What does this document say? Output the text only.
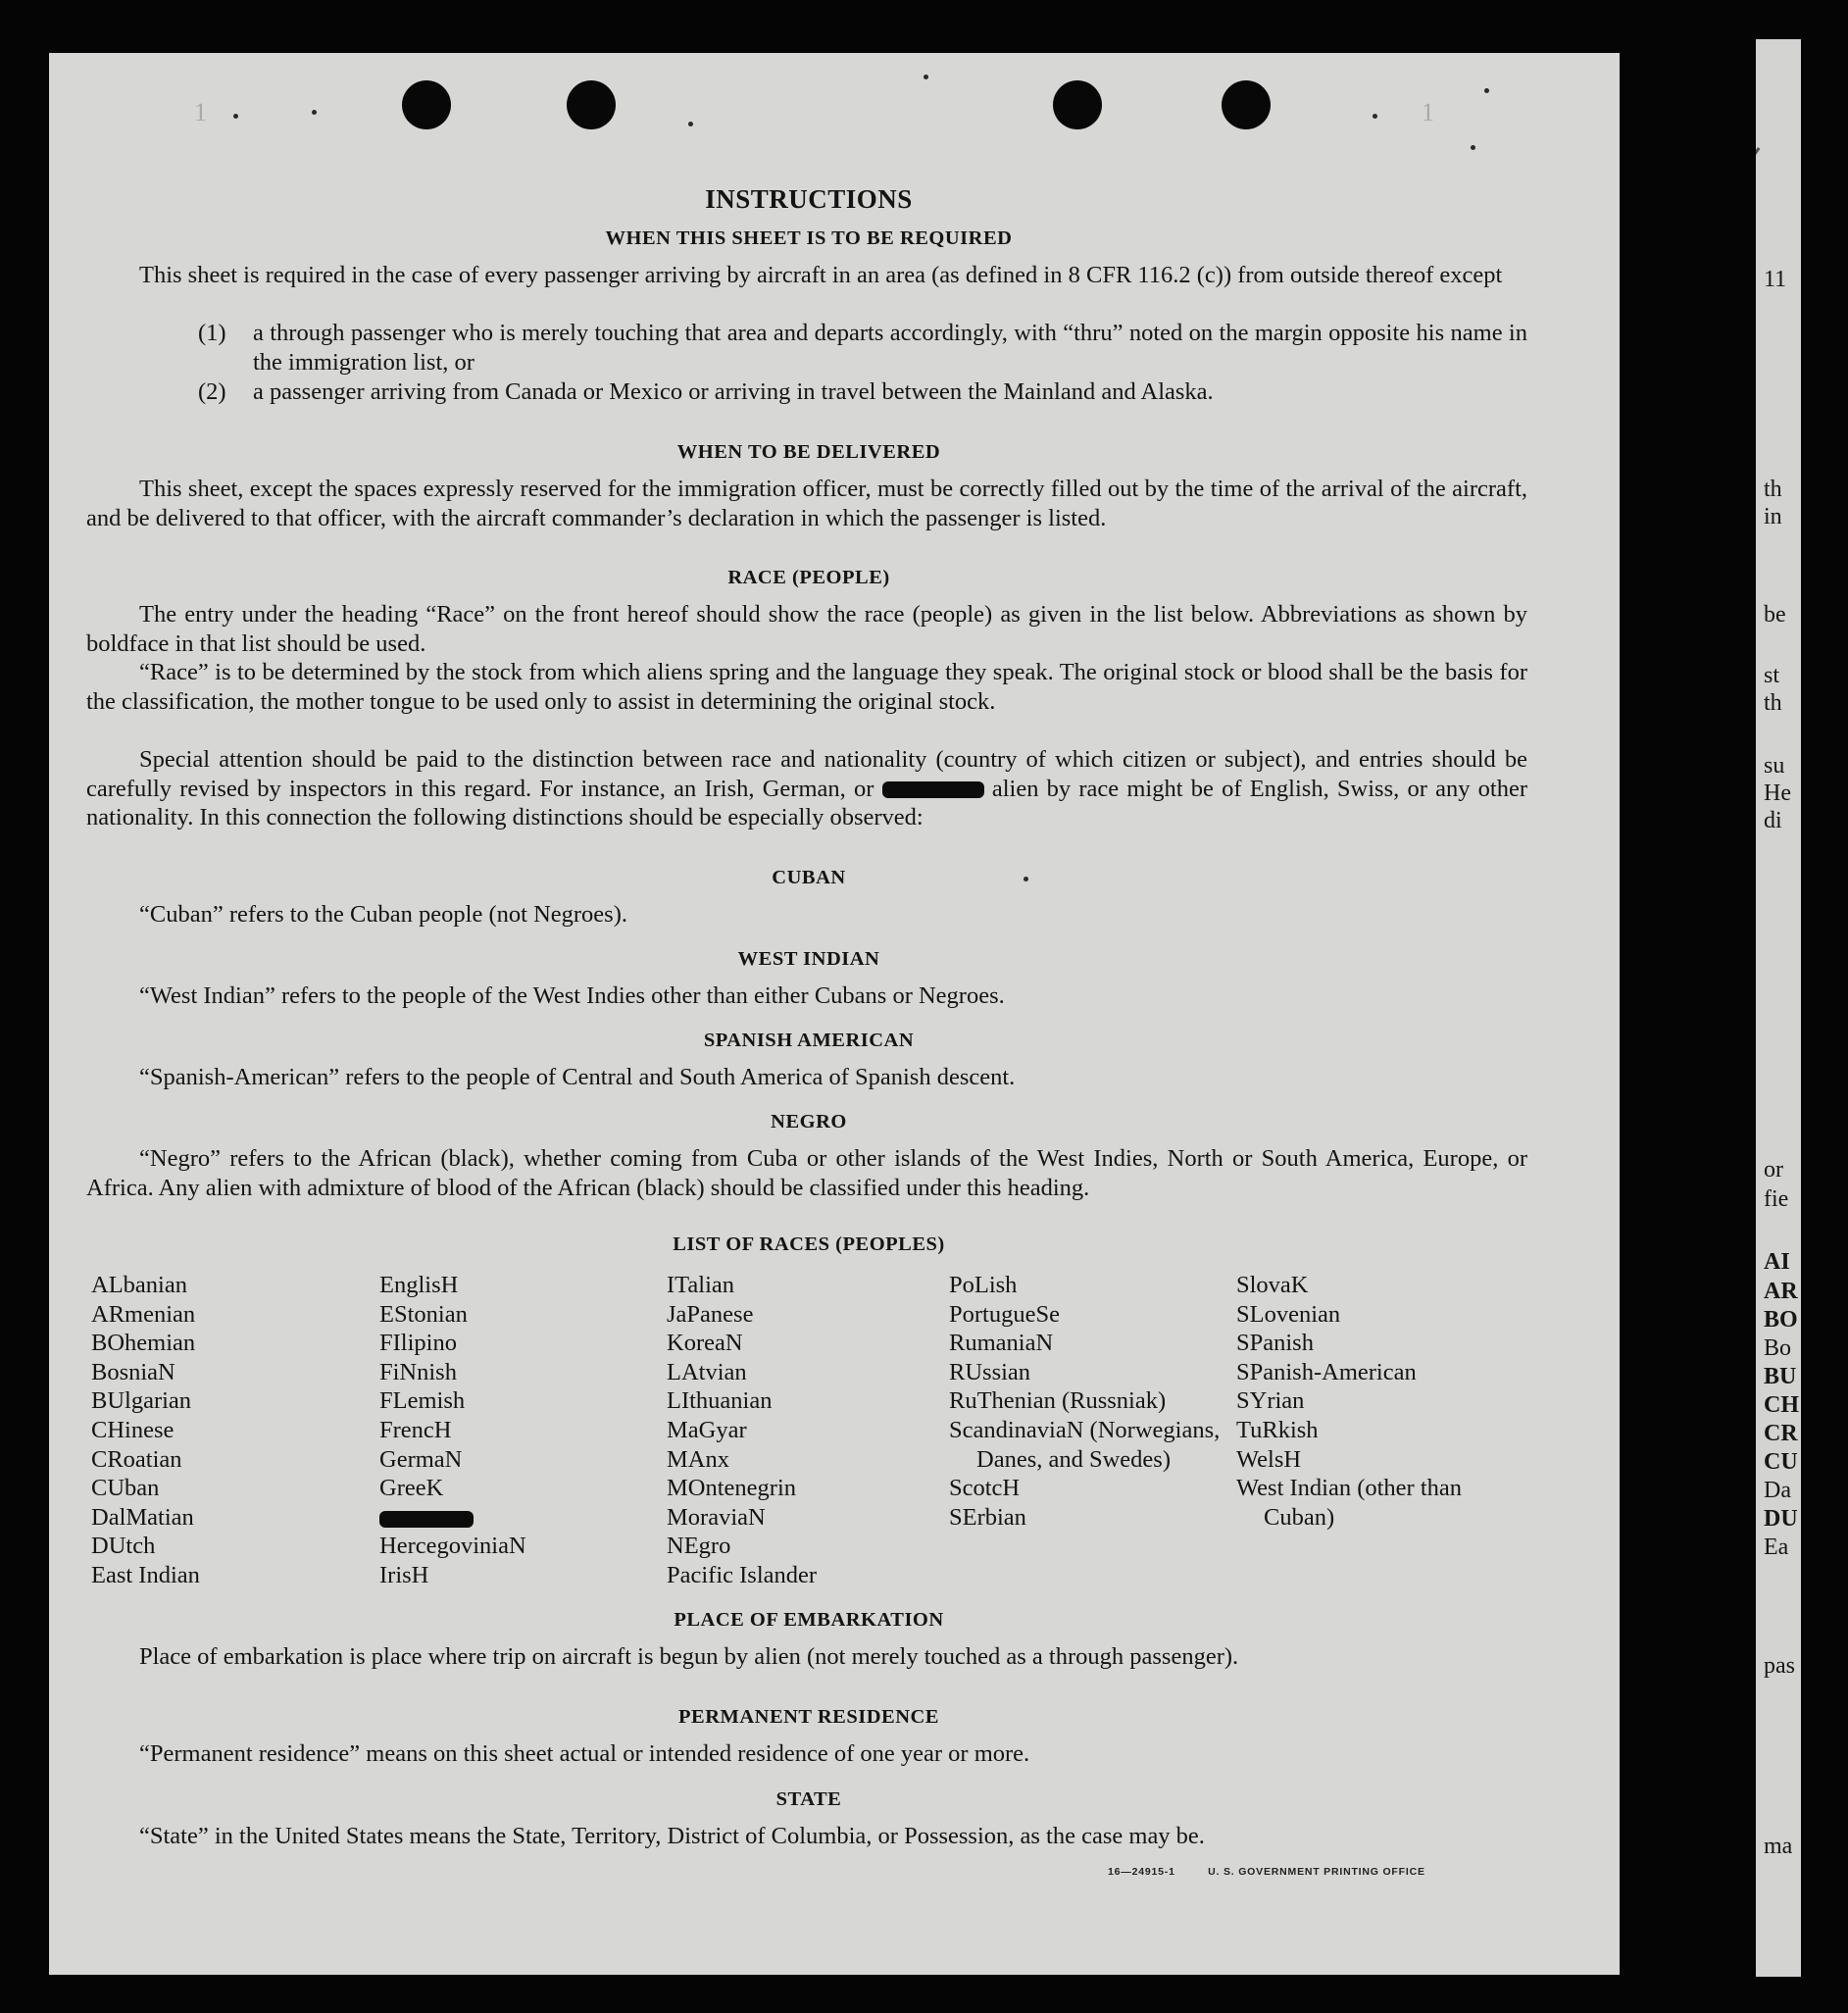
1	1
INSTRUCTIONS
WHEN THIS SHEET IS TO BE REQUIRED
This sheet is required in the case of every passenger arriving by aircraft in an area (as defined in 8 CFR 116.2 (c)) from outside thereof except
(1)	a through passenger who is merely touching that area and departs accordingly, with “thru” noted on the margin opposite his name in the immigration list, or
(2)	a passenger arriving from Canada or Mexico or arriving in travel between the Mainland and Alaska.
WHEN TO BE DELIVERED
This sheet, except the spaces expressly reserved for the immigration officer, must be correctly filled out by the time of the arrival of the aircraft, and be delivered to that officer, with the aircraft commander’s declaration in which the passenger is listed.
RACE (PEOPLE)
The entry under the heading “Race” on the front hereof should show the race (people) as given in the list below. Abbreviations as shown by boldface in that list should be used.
“Race” is to be determined by the stock from which aliens spring and the language they speak. The original stock or blood shall be the basis for the classification, the mother tongue to be used only to assist in determining the original stock.
Special attention should be paid to the distinction between race and nationality (country of which citizen or subject), and entries should be carefully revised by inspectors in this regard. For instance, an Irish, German, or	alien by race might be of English, Swiss, or any other nationality. In this connection the following distinctions should be especially observed:
CUBAN
“Cuban” refers to the Cuban people (not Negroes).
WEST INDIAN
“West Indian” refers to the people of the West Indies other than either Cubans or Negroes.
SPANISH AMERICAN
“Spanish-American” refers to the people of Central and South America of Spanish descent.
NEGRO
“Negro” refers to the African (black), whether coming from Cuba or other islands of the West Indies, North or South America, Europe, or Africa. Any alien with admixture of blood of the African (black) should be classified under this heading.
LIST OF RACES (PEOPLES)
ALbanian
ARmenian
BOhemian
BosniaN
BUlgarian
CHinese
CRoatian
CUban
DalMatian
DUtch
East Indian
EnglisH
EStonian
FIlipino
FiNnish
FLemish
FrencH
GermaN
GreeK
HercegoviniaN
IrisH
ITalian
JaPanese
KoreaN
LAtvian
LIthuanian
MaGyar
MAnx
MOntenegrin
MoraviaN
NEgro
Pacific Islander
PoLish
PortugueSe
RumaniaN
RUssian
RuThenian (Russniak)
ScandinaviaN (Norwegians, Danes, and Swedes)
ScotcH
SErbian
SlovaK
SLovenian
SPanish
SPanish-American
SYrian
TuRkish
WelsH
West Indian (other than Cuban)
PLACE OF EMBARKATION
Place of embarkation is place where trip on aircraft is begun by alien (not merely touched as a through passenger).
PERMANENT RESIDENCE
“Permanent residence” means on this sheet actual or intended residence of one year or more.
STATE
“State” in the United States means the State, Territory, District of Columbia, or Possession, as the case may be.
16—24915-1	U. S. GOVERNMENT PRINTING OFFICE
11
th
in
be
st
th
su
He
di
or
fie
AI
AR
BO
Bo
BU
CH
CR
CU
Da
DU
Ea
pas
ma
